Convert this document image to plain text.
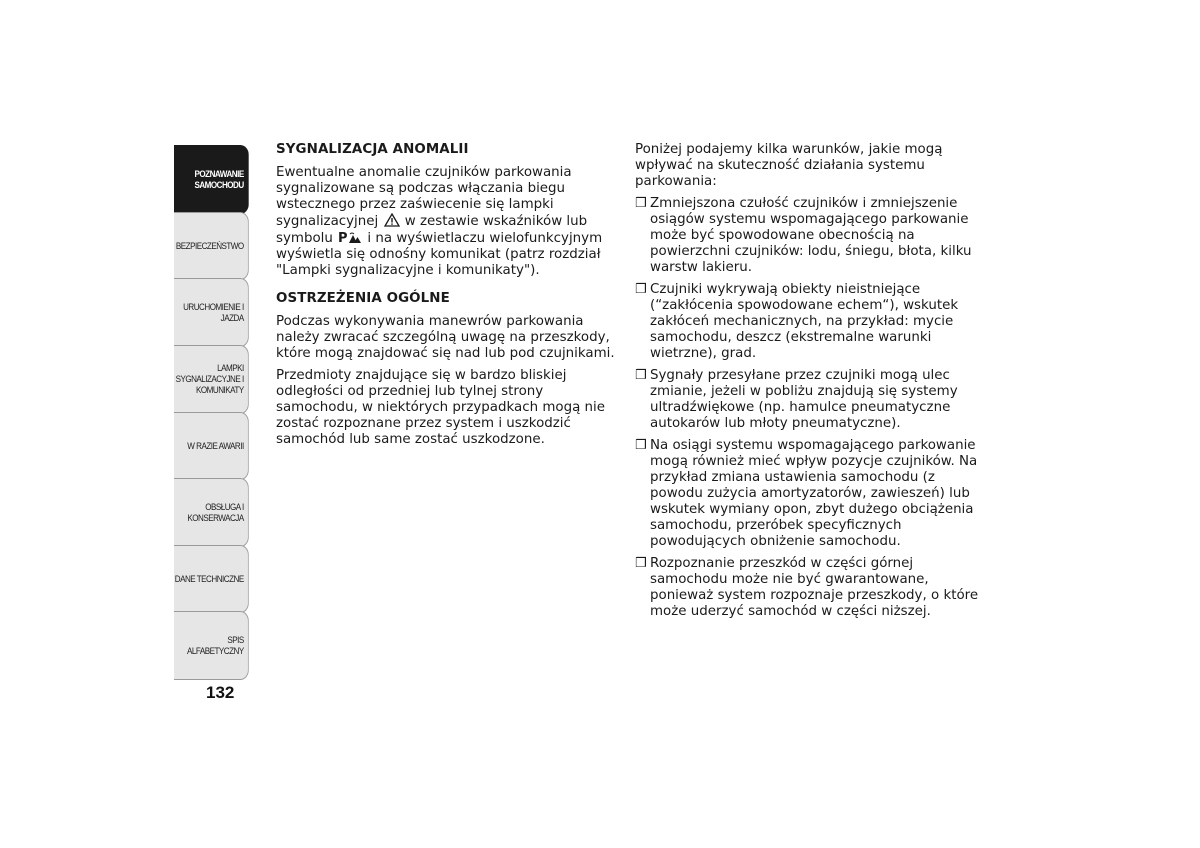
POZNAWANIE SAMOCHODU
BEZPIECZEŃSTWO
URUCHOMIENIE I JAZDA
LAMPKI SYGNALIZACYJNE I KOMUNIKATY
W RAZIE AWARII
OBSŁUGA I KONSERWACJA
DANE TECHNICZNE
SPIS ALFABETYCZNY
132
SYGNALIZACJA ANOMALII

Ewentualne anomalie czujników parkowania sygnalizowane są podczas włączania biegu wstecznego przez zaświecenie się lampki sygnalizacyjnej w zestawie wskaźników lub symbolu P i na wyświetlaczu wielofunkcyjnym wyświetla się odnośny komunikat (patrz rozdział "Lampki sygnalizacyjne i komunikaty").

OSTRZEŻENIA OGÓLNE

Podczas wykonywania manewrów parkowania należy zwracać szczególną uwagę na przeszkody, które mogą znajdować się nad lub pod czujnikami.

Przedmioty znajdujące się w bardzo bliskiej odległości od przedniej lub tylnej strony samochodu, w niektórych przypadkach mogą nie zostać rozpoznane przez system i uszkodzić samochód lub same zostać uszkodzone.

Poniżej podajemy kilka warunków, jakie mogą wpływać na skuteczność działania systemu parkowania:

❒ Zmniejszona czułość czujników i zmniejszenie osiągów systemu wspomagającego parkowanie może być spowodowane obecnością na powierzchni czujników: lodu, śniegu, błota, kilku warstw lakieru.
❒ Czujniki wykrywają obiekty nieistniejące (“zakłócenia spowodowane echem“), wskutek zakłóceń mechanicznych, na przykład: mycie samochodu, deszcz (ekstremalne warunki wietrzne), grad.
❒ Sygnały przesyłane przez czujniki mogą ulec zmianie, jeżeli w pobliżu znajdują się systemy ultradźwiękowe (np. hamulce pneumatyczne autokarów lub młoty pneumatyczne).
❒ Na osiągi systemu wspomagającego parkowanie mogą również mieć wpływ pozycje czujników. Na przykład zmiana ustawienia samochodu (z powodu zużycia amortyzatorów, zawieszeń) lub wskutek wymiany opon, zbyt dużego obciążenia samochodu, przeróbek specyficznych powodujących obniżenie samochodu.
❒ Rozpoznanie przeszkód w części górnej samochodu może nie być gwarantowane, ponieważ system rozpoznaje przeszkody, o które może uderzyć samochód w części niższej.
